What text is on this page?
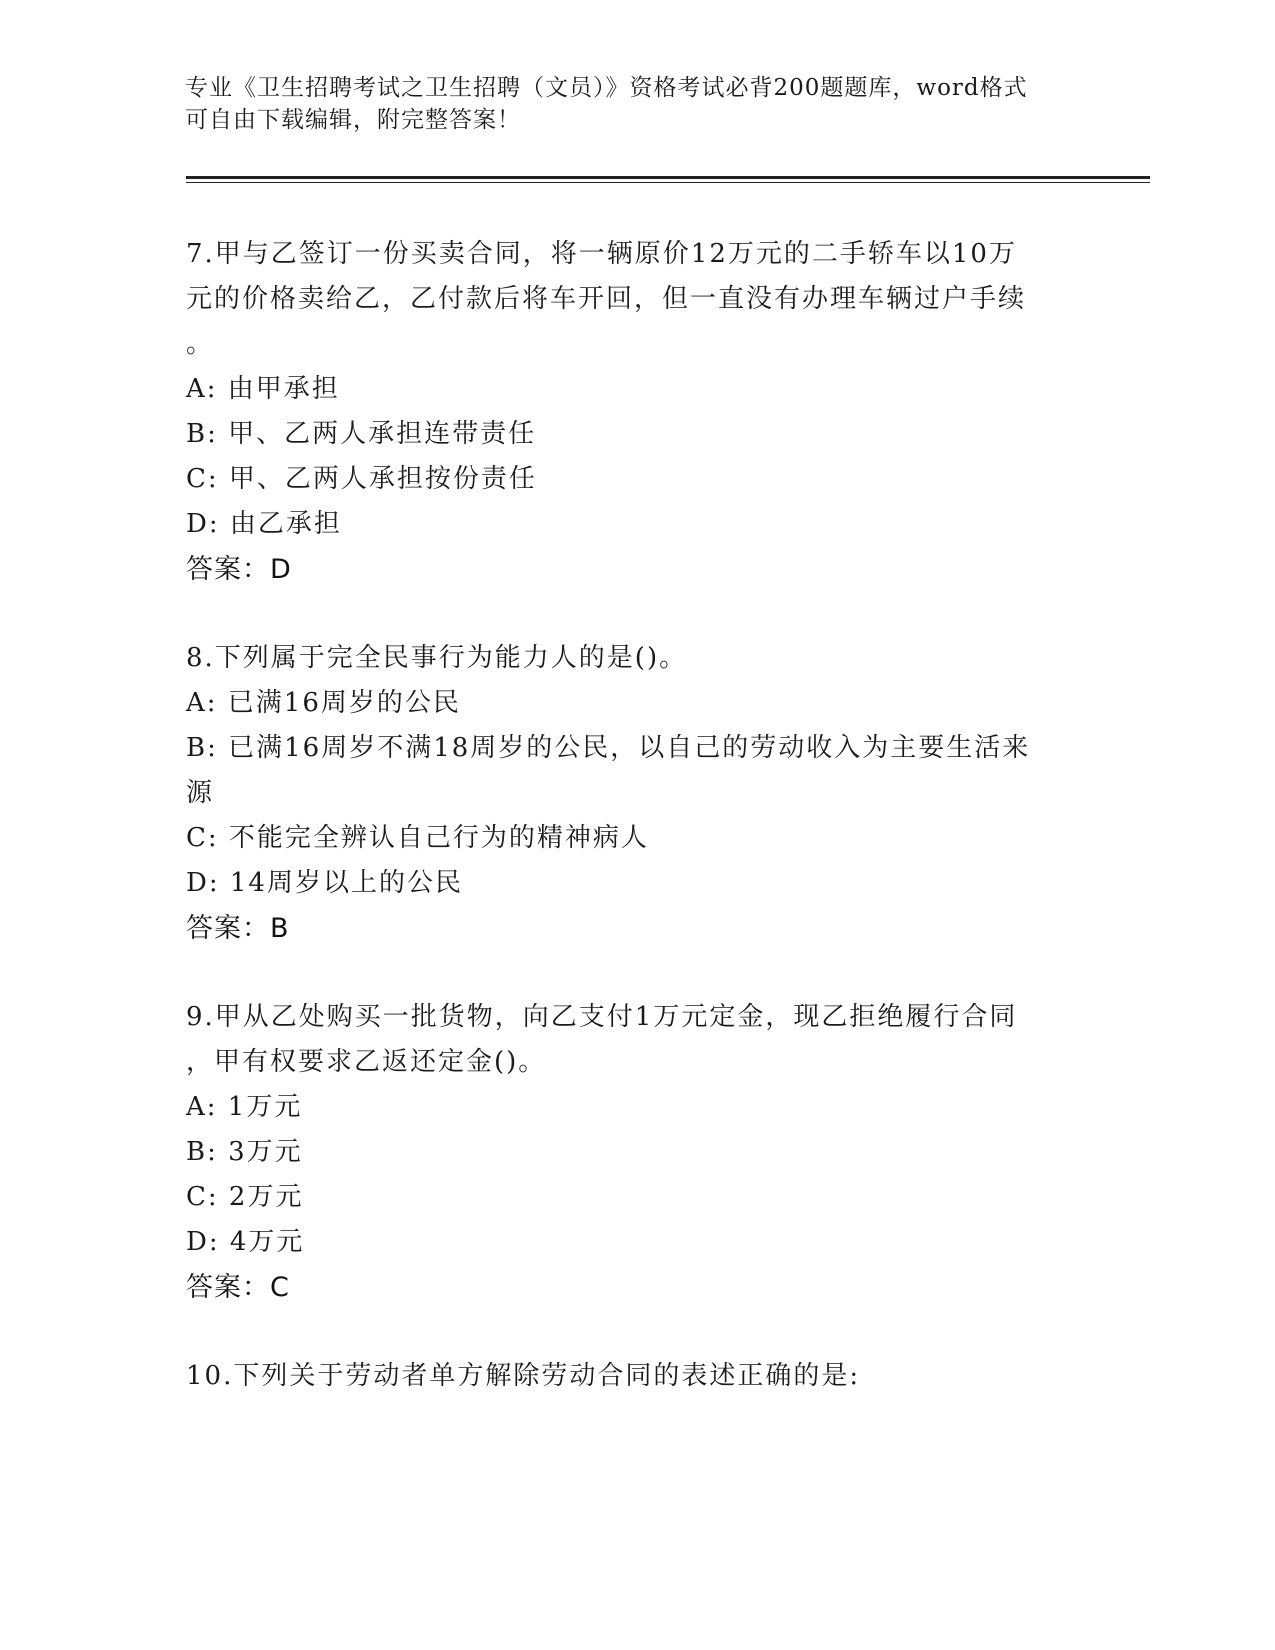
专业《卫生招聘考试之卫生招聘（文员）》资格考试必背200题题库，word格式
可自由下载编辑，附完整答案！
7.甲与乙签订一份买卖合同，将一辆原价12万元的二手轿车以10万
元的价格卖给乙，乙付款后将车开回，但一直没有办理车辆过户手续
。
A: 由甲承担
B: 甲、乙两人承担连带责任
C: 甲、乙两人承担按份责任
D: 由乙承担
答案：D
8.下列属于完全民事行为能力人的是()。
A: 已满16周岁的公民
B: 已满16周岁不满18周岁的公民，以自己的劳动收入为主要生活来
源
C: 不能完全辨认自己行为的精神病人
D: 14周岁以上的公民
答案：B
9.甲从乙处购买一批货物，向乙支付1万元定金，现乙拒绝履行合同
，甲有权要求乙返还定金()。
A: 1万元
B: 3万元
C: 2万元
D: 4万元
答案：C
10.下列关于劳动者单方解除劳动合同的表述正确的是:
